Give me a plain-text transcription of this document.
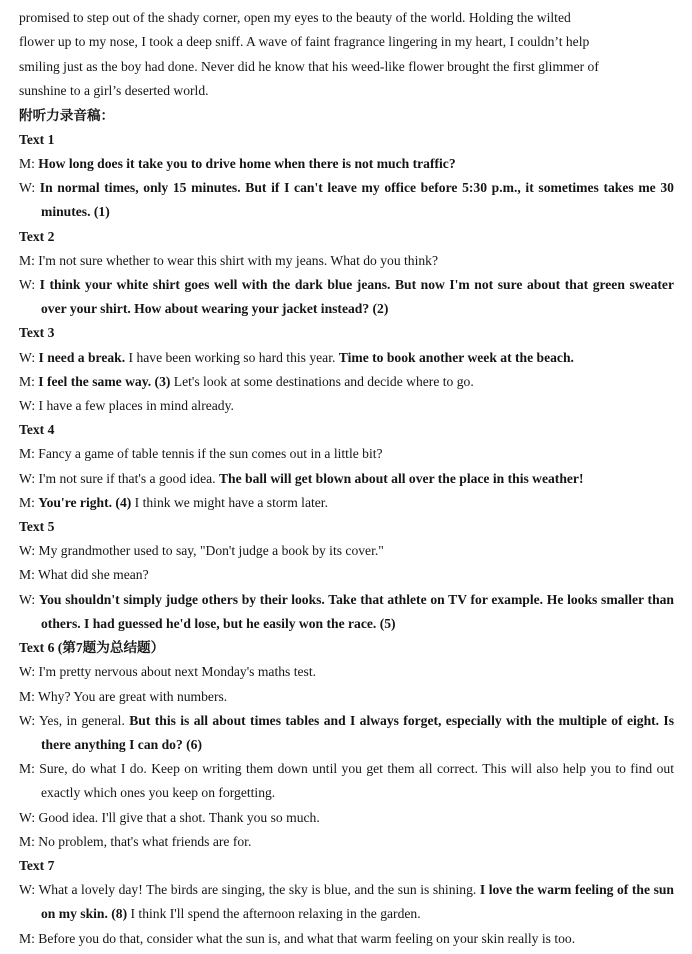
promised to step out of the shady corner, open my eyes to the beauty of the world. Holding the wilted
flower up to my nose, I took a deep sniff. A wave of faint fragrance lingering in my heart, I couldn’t help
smiling just as the boy had done. Never did he know that his weed-like flower brought the first glimmer of
sunshine to a girl’s deserted world.
附听力录音稿：
Text 1
M: How long does it take you to drive home when there is not much traffic?
W: In normal times, only 15 minutes. But if I can't leave my office before 5:30 p.m., it sometimes takes me 30 minutes. (1)
Text 2
M: I'm not sure whether to wear this shirt with my jeans. What do you think?
W: I think your white shirt goes well with the dark blue jeans. But now I'm not sure about that green sweater over your shirt. How about wearing your jacket instead? (2)
Text 3
W: I need a break. I have been working so hard this year. Time to book another week at the beach.
M: I feel the same way. (3) Let's look at some destinations and decide where to go.
W: I have a few places in mind already.
Text 4
M: Fancy a game of table tennis if the sun comes out in a little bit?
W: I'm not sure if that's a good idea. The ball will get blown about all over the place in this weather!
M: You're right. (4) I think we might have a storm later.
Text 5
W: My grandmother used to say, "Don't judge a book by its cover."
M: What did she mean?
W: You shouldn't simply judge others by their looks. Take that athlete on TV for example. He looks smaller than others. I had guessed he'd lose, but he easily won the race. (5)
Text 6 (第7题为总结题）
W: I'm pretty nervous about next Monday's maths test.
M: Why? You are great with numbers.
W: Yes, in general. But this is all about times tables and I always forget, especially with the multiple of eight. Is there anything I can do? (6)
M: Sure, do what I do. Keep on writing them down until you get them all correct. This will also help you to find out exactly which ones you keep on forgetting.
W: Good idea. I'll give that a shot. Thank you so much.
M: No problem, that's what friends are for.
Text 7
W: What a lovely day! The birds are singing, the sky is blue, and the sun is shining. I love the warm feeling of the sun on my skin. (8) I think I'll spend the afternoon relaxing in the garden.
M: Before you do that, consider what the sun is, and what that warm feeling on your skin really is too.
